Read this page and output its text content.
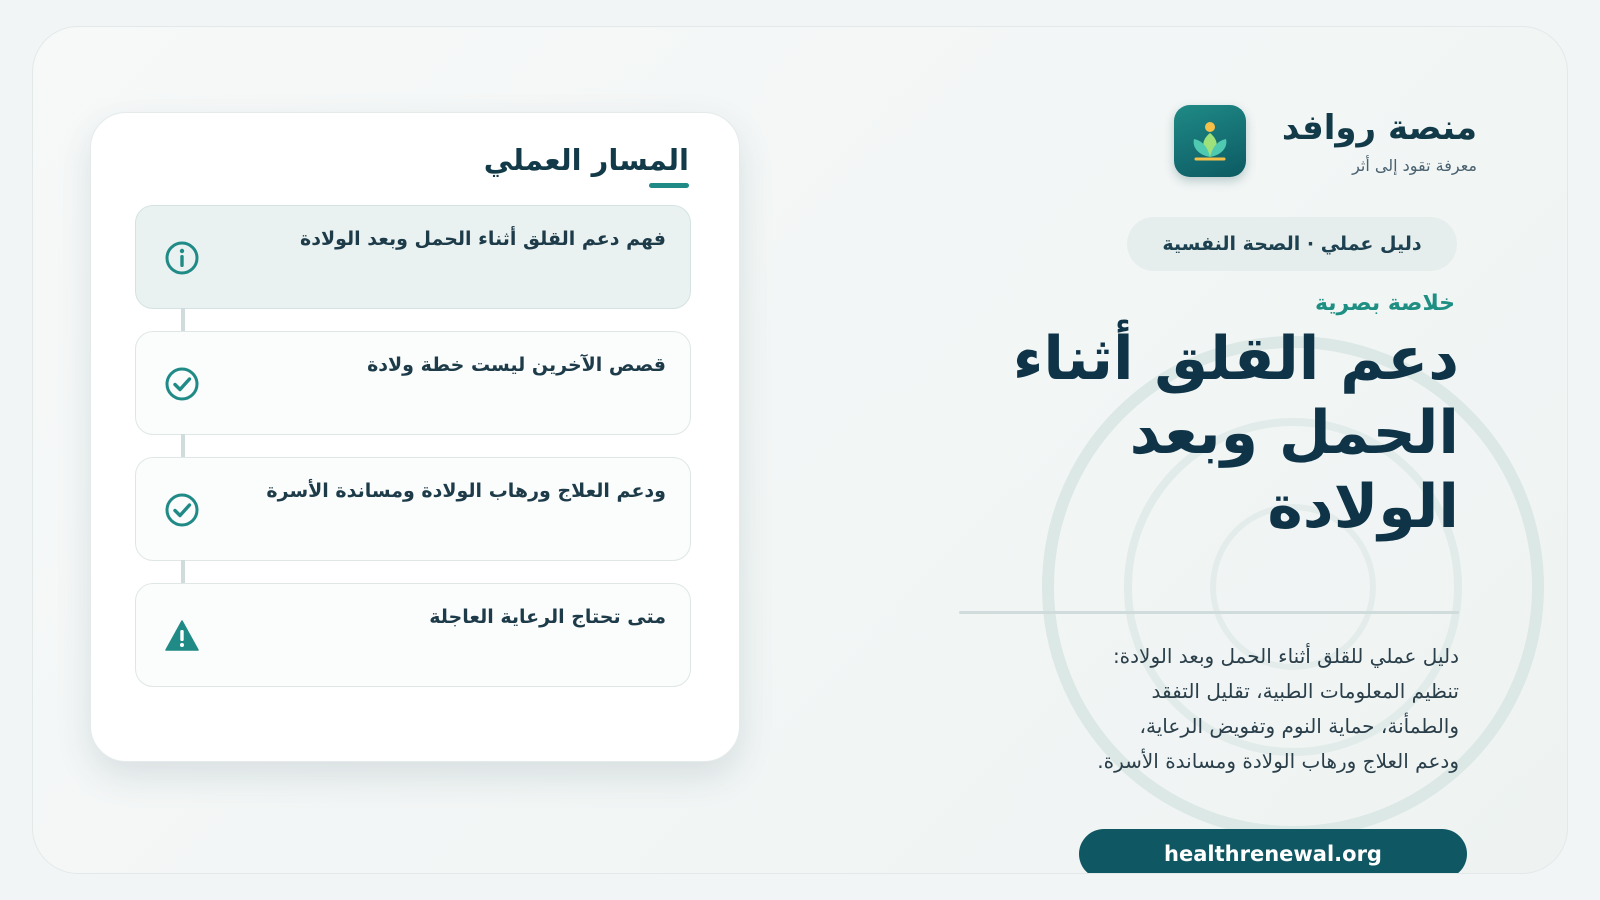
منصة روافد
معرفة تقود إلى أثر
دليل عملي · الصحة النفسية
خلاصة بصرية
دعم القلق أثناء
الحمل وبعد
الولادة
دليل عملي للقلق أثناء الحمل وبعد الولادة:
تنظيم المعلومات الطبية، تقليل التفقد
والطمأنة، حماية النوم وتفويض الرعاية،
ودعم العلاج ورهاب الولادة ومساندة الأسرة.
healthrenewal.org
المسار العملي
فهم دعم القلق أثناء الحمل وبعد الولادة
قصص الآخرين ليست خطة ولادة
ودعم العلاج ورهاب الولادة ومساندة الأسرة
متى تحتاج الرعاية العاجلة
